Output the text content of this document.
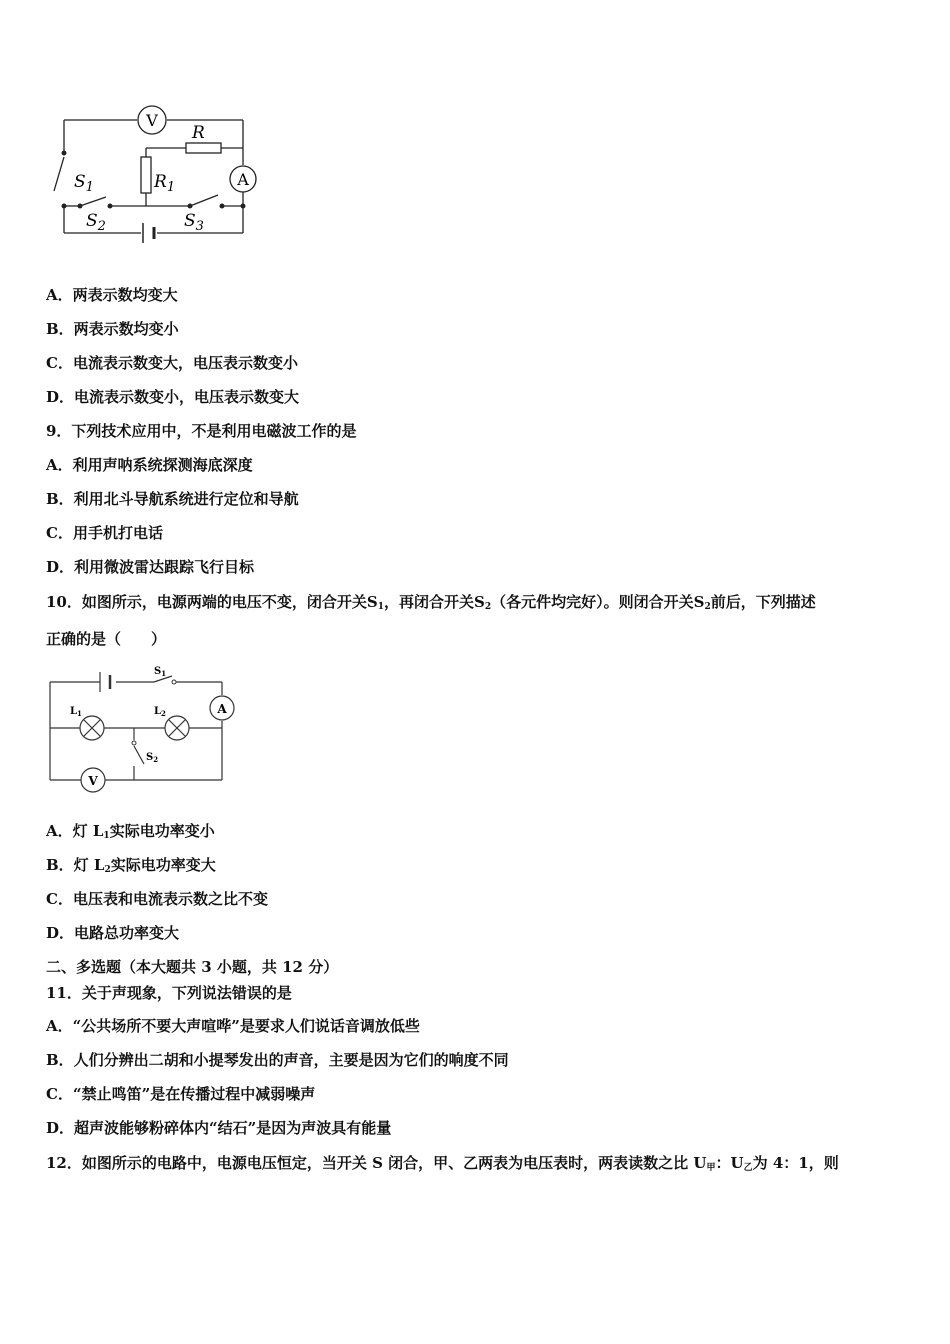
V
A
R
$R_1$
$S_1$
$S_2$	$S_3$
A．两表示数均变大
B．两表示数均变小
C．电流表示数变大，电压表示数变小
D．电流表示数变小，电压表示数变大
9．下列技术应用中，不是利用电磁波工作的是
A．利用声呐系统探测海底深度
B．利用北斗导航系统进行定位和导航
C．用手机打电话
D．利用微波雷达跟踪飞行目标
10．如图所示，电源两端的电压不变，闭合开关$S_1$，再闭合开关$S_2$（各元件均完好）。则闭合开关$S_2$前后，下列描述
正确的是（　　）
A
V
$S_1$
$S_2$
$L_1$	$L_2$
A．灯 $L_1$实际电功率变小
B．灯 $L_2$实际电功率变大
C．电压表和电流表示数之比不变
D．电路总功率变大
二、多选题（本大题共 3 小题，共 12 分）
11．关于声现象，下列说法错误的是
A．“公共场所不要大声喧哗”是要求人们说话音调放低些
B．人们分辨出二胡和小提琴发出的声音，主要是因为它们的响度不同
C．“禁止鸣笛”是在传播过程中减弱噪声
D．超声波能够粉碎体内“结石”是因为声波具有能量
12．如图所示的电路中，电源电压恒定，当开关 S 闭合，甲、乙两表为电压表时，两表读数之比 $U_甲$：$U_乙$为 4：1，则
